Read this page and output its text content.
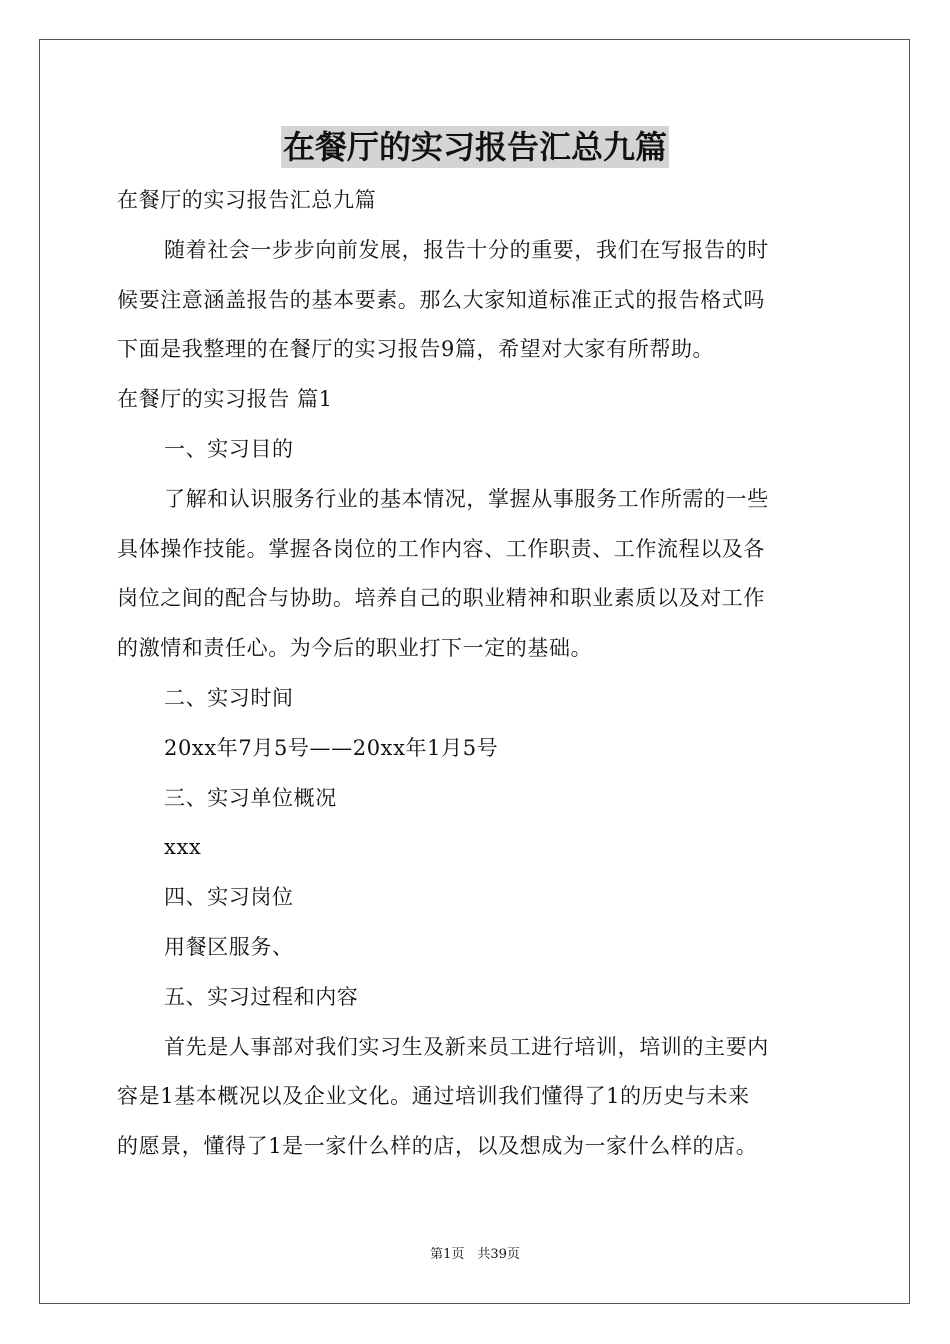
在餐厅的实习报告汇总九篇
在餐厅的实习报告汇总九篇
随着社会一步步向前发展，报告十分的重要，我们在写报告的时
候要注意涵盖报告的基本要素。那么大家知道标准正式的报告格式吗
下面是我整理的在餐厅的实习报告9篇，希望对大家有所帮助。
在餐厅的实习报告 篇1
一、实习目的
了解和认识服务行业的基本情况，掌握从事服务工作所需的一些
具体操作技能。掌握各岗位的工作内容、工作职责、工作流程以及各
岗位之间的配合与协助。培养自己的职业精神和职业素质以及对工作
的激情和责任心。为今后的职业打下一定的基础。
二、实习时间
20xx年7月5号——20xx年1月5号
三、实习单位概况
xxx
四、实习岗位
用餐区服务、
五、实习过程和内容
首先是人事部对我们实习生及新来员工进行培训，培训的主要内
容是1基本概况以及企业文化。通过培训我们懂得了1的历史与未来
的愿景，懂得了1是一家什么样的店，以及想成为一家什么样的店。
第1页　共39页
